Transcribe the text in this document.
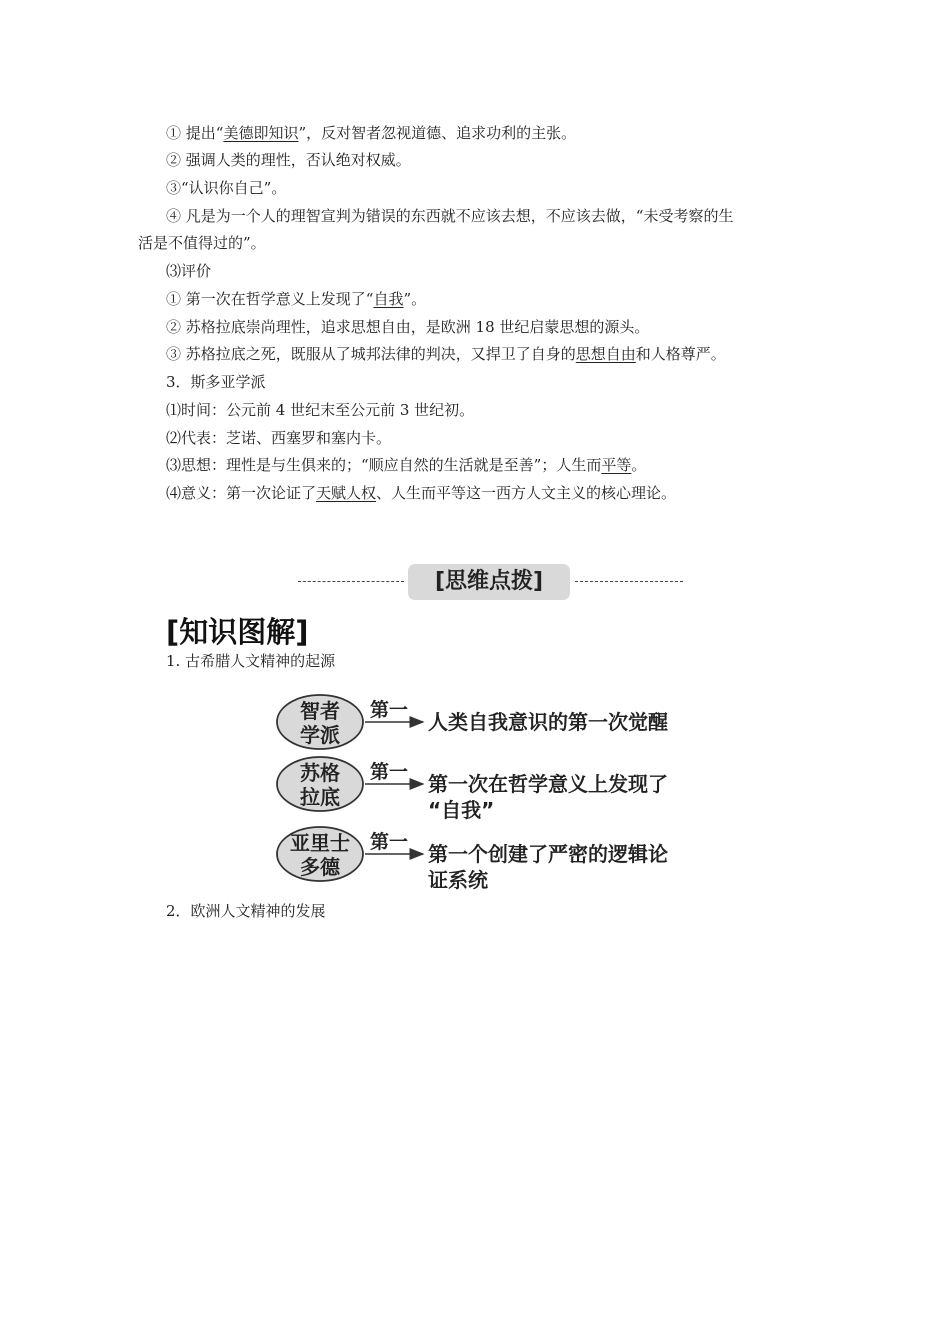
① 提出“美德即知识”，反对智者忽视道德、追求功利的主张。
② 强调人类的理性，否认绝对权威。
③“认识你自己”。
④ 凡是为一个人的理智宣判为错误的东西就不应该去想，不应该去做，“未受考察的生
活是不值得过的”。
⑶评价
① 第一次在哲学意义上发现了“自我”。
② 苏格拉底崇尚理性，追求思想自由，是欧洲 18 世纪启蒙思想的源头。
③ 苏格拉底之死，既服从了城邦法律的判决，又捍卫了自身的思想自由和人格尊严。
3．斯多亚学派
⑴时间：公元前 4 世纪末至公元前 3 世纪初。
⑵代表：芝诺、西塞罗和塞内卡。
⑶思想：理性是与生俱来的；“顺应自然的生活就是至善”；人生而平等。
⑷意义：第一次论证了天赋人权、人生而平等这一西方人文主义的核心理论。
[思维点拨]
[知识图解]
1. 古希腊人文精神的起源
智者
学派
第一 人类自我意识的第一次觉醒
苏格
拉底
第一 第一次在哲学意义上发现了
“自我”
亚里士
多德
第一 第一个创建了严密的逻辑论
证系统
2．欧洲人文精神的发展
